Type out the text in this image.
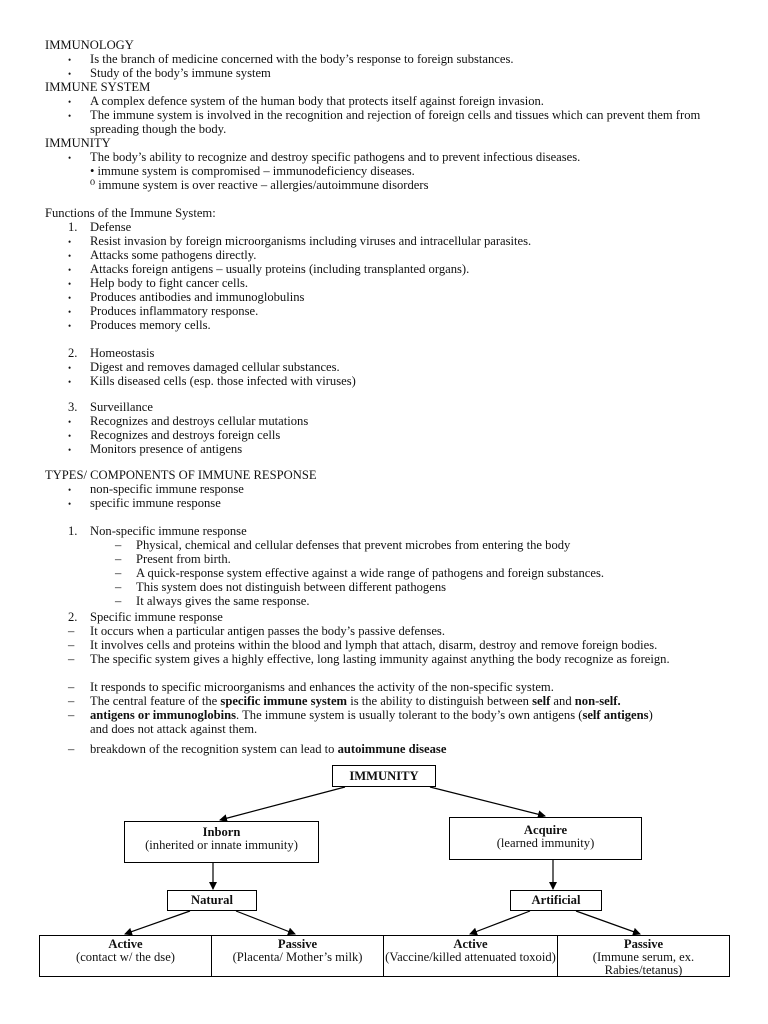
IMMUNOLOGY
• Is the branch of medicine concerned with the body’s response to foreign substances.
• Study of the body’s immune system
IMMUNE SYSTEM
• A complex defence system of the human body that protects itself against foreign invasion.
• The immune system is involved in the recognition and rejection of foreign cells and tissues which can prevent them from spreading though the body.
IMMUNITY
• The body’s ability to recognize and destroy specific pathogens and to prevent infectious diseases.
• immune system is compromised – immunodeficiency diseases.
⁰ immune system is over reactive – allergies/autoimmune disorders
Functions of the Immune System:
1. Defense
• Resist invasion by foreign microorganisms including viruses and intracellular parasites.
• Attacks some pathogens directly.
• Attacks foreign antigens – usually proteins (including transplanted organs).
• Help body to fight cancer cells.
• Produces antibodies and immunoglobulins
• Produces inflammatory response.
• Produces memory cells.
2. Homeostasis
• Digest and removes damaged cellular substances.
• Kills diseased cells (esp. those infected with viruses)
3. Surveillance
• Recognizes and destroys cellular mutations
• Recognizes and destroys foreign cells
• Monitors presence of antigens
TYPES/ COMPONENTS OF IMMUNE RESPONSE
• non-specific immune response
• specific immune response
1. Non-specific immune response
– Physical, chemical and cellular defenses that prevent microbes from entering the body
– Present from birth.
– A quick-response system effective against a wide range of pathogens and foreign substances.
– This system does not distinguish between different pathogens
– It always gives the same response.
2. Specific immune response
– It occurs when a particular antigen passes the body’s passive defenses.
– It involves cells and proteins within the blood and lymph that attach, disarm, destroy and remove foreign bodies.
– The specific system gives a highly effective, long lasting immunity against anything the body recognize as foreign.
– It responds to specific microorganisms and enhances the activity of the non-specific system.
– The central feature of the specific immune system is the ability to distinguish between self and non-self.
– antigens or immunoglobins. The immune system is usually tolerant to the body’s own antigens (self antigens)
and does not attack against them.
– breakdown of the recognition system can lead to autoimmune disease
IMMUNITY
Inborn
(inherited or innate immunity)
Acquire
(learned immunity)
Natural	Artificial
Active
(contact w/ the dse)
Passive
(Placenta/ Mother’s milk)
Active
(Vaccine/killed attenuated toxoid)
Passive
(Immune serum, ex. Rabies/tetanus)
